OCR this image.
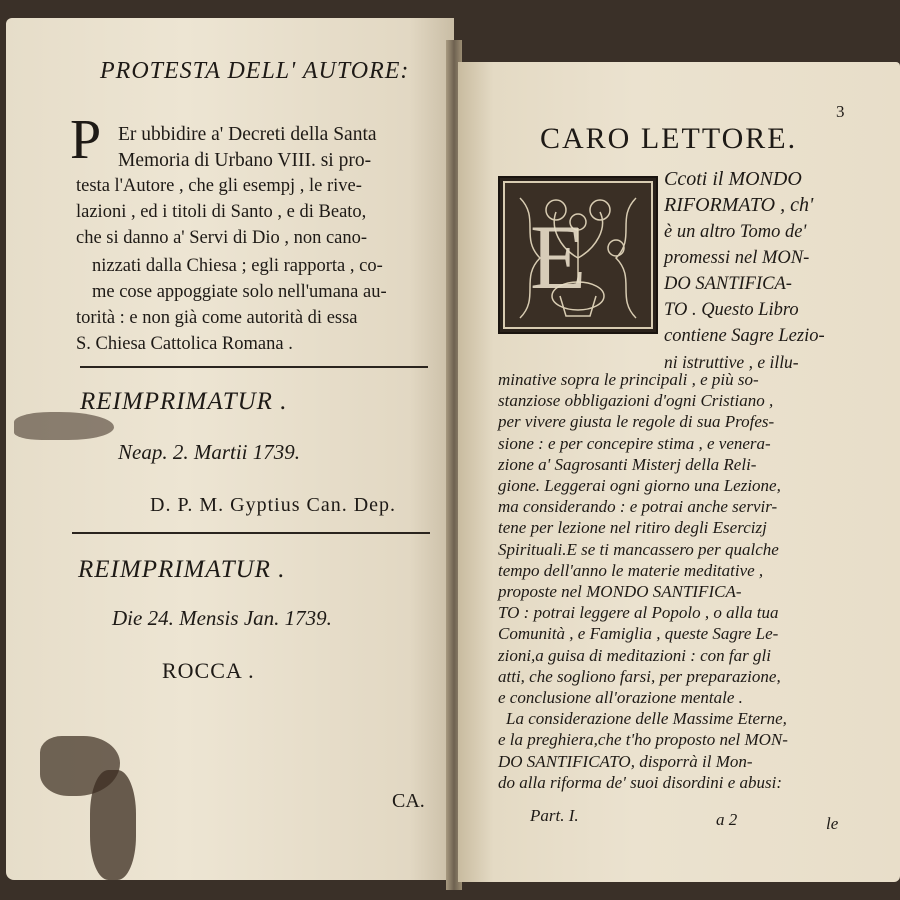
PROTESTA DELL' AUTORE:
P Er ubbidire a' Decreti della Santa
Memoria di Urbano VIII. si pro-
testa l'Autore , che gli esempj , le rive-
lazioni , ed i titoli di Santo , e di Beato,
che si danno a' Servi di Dio , non cano-
nizzati dalla Chiesa ; egli rapporta , co-
me cose appoggiate solo nell'umana au-
torità : e non già come autorità di essa
S. Chiesa Cattolica Romana .
REIMPRIMATUR .
Neap. 2. Martii 1739.
D. P. M. Gyptius Can. Dep.
REIMPRIMATUR .
Die 24. Mensis Jan. 1739.
ROCCA .
CA.
3
CARO LETTORE.
E
Ccoti il MONDO
RIFORMATO , ch'
è un altro Tomo de'
promessi nel MON-
DO SANTIFICA-
TO . Questo Libro
contiene Sagre Lezio-
ni istruttive , e illu-
minative sopra le principali , e più so-
stanziose obbligazioni d'ogni Cristiano ,
per vivere giusta le regole di sua Profes-
sione : e per concepire stima , e venera-
zione a' Sagrosanti Misterj della Reli-
gione. Leggerai ogni giorno una Lezione,
ma considerando : e potrai anche servir-
tene per lezione nel ritiro degli Esercizj
Spirituali.E se ti mancassero per qualche
tempo dell'anno le materie meditative ,
proposte nel MONDO SANTIFICA-
TO : potrai leggere al Popolo , o alla tua
Comunità , e Famiglia , queste Sagre Le-
zioni,a guisa di meditazioni : con far gli
atti, che sogliono farsi, per preparazione,
e conclusione all'orazione mentale .
La considerazione delle Massime Eterne,
e la preghiera,che t'ho proposto nel MON-
DO SANTIFICATO, disporrà il Mon-
do alla riforma de' suoi disordini e abusi:
Part. I.	a 2	le
